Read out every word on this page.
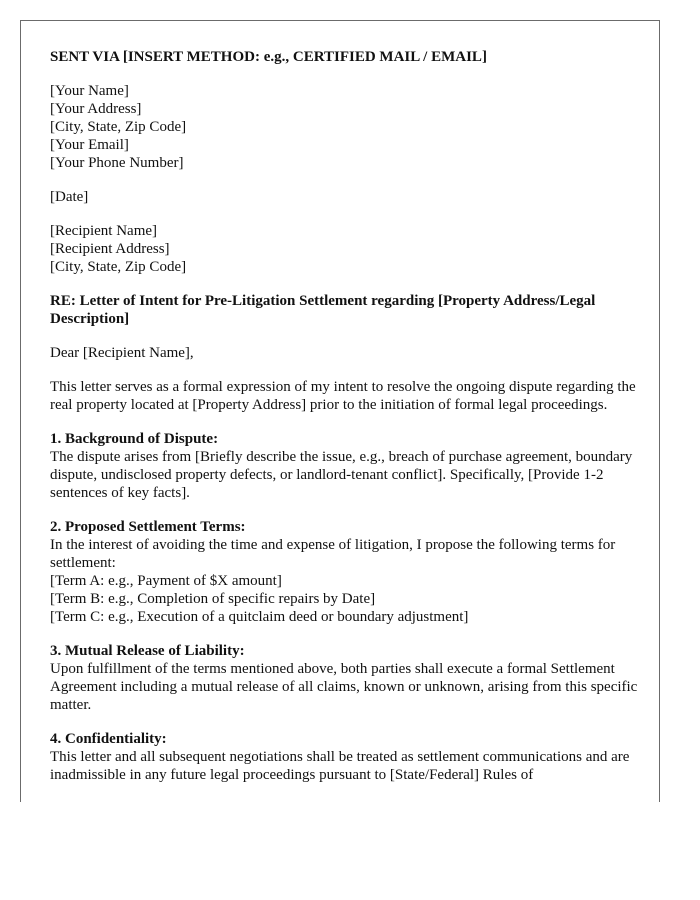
SENT VIA [INSERT METHOD: e.g., CERTIFIED MAIL / EMAIL]

[Your Name]
[Your Address]
[City, State, Zip Code]
[Your Email]
[Your Phone Number]

[Date]

[Recipient Name]
[Recipient Address]
[City, State, Zip Code]

RE: Letter of Intent for Pre-Litigation Settlement regarding [Property Address/Legal Description]

Dear [Recipient Name],

This letter serves as a formal expression of my intent to resolve the ongoing dispute regarding the real property located at [Property Address] prior to the initiation of formal legal proceedings.

1. Background of Dispute:
The dispute arises from [Briefly describe the issue, e.g., breach of purchase agreement, boundary dispute, undisclosed property defects, or landlord-tenant conflict]. Specifically, [Provide 1-2 sentences of key facts].

2. Proposed Settlement Terms:
In the interest of avoiding the time and expense of litigation, I propose the following terms for settlement:
[Term A: e.g., Payment of $X amount]
[Term B: e.g., Completion of specific repairs by Date]
[Term C: e.g., Execution of a quitclaim deed or boundary adjustment]

3. Mutual Release of Liability:
Upon fulfillment of the terms mentioned above, both parties shall execute a formal Settlement Agreement including a mutual release of all claims, known or unknown, arising from this specific matter.

4. Confidentiality:
This letter and all subsequent negotiations shall be treated as settlement communications and are inadmissible in any future legal proceedings pursuant to [State/Federal] Rules of
